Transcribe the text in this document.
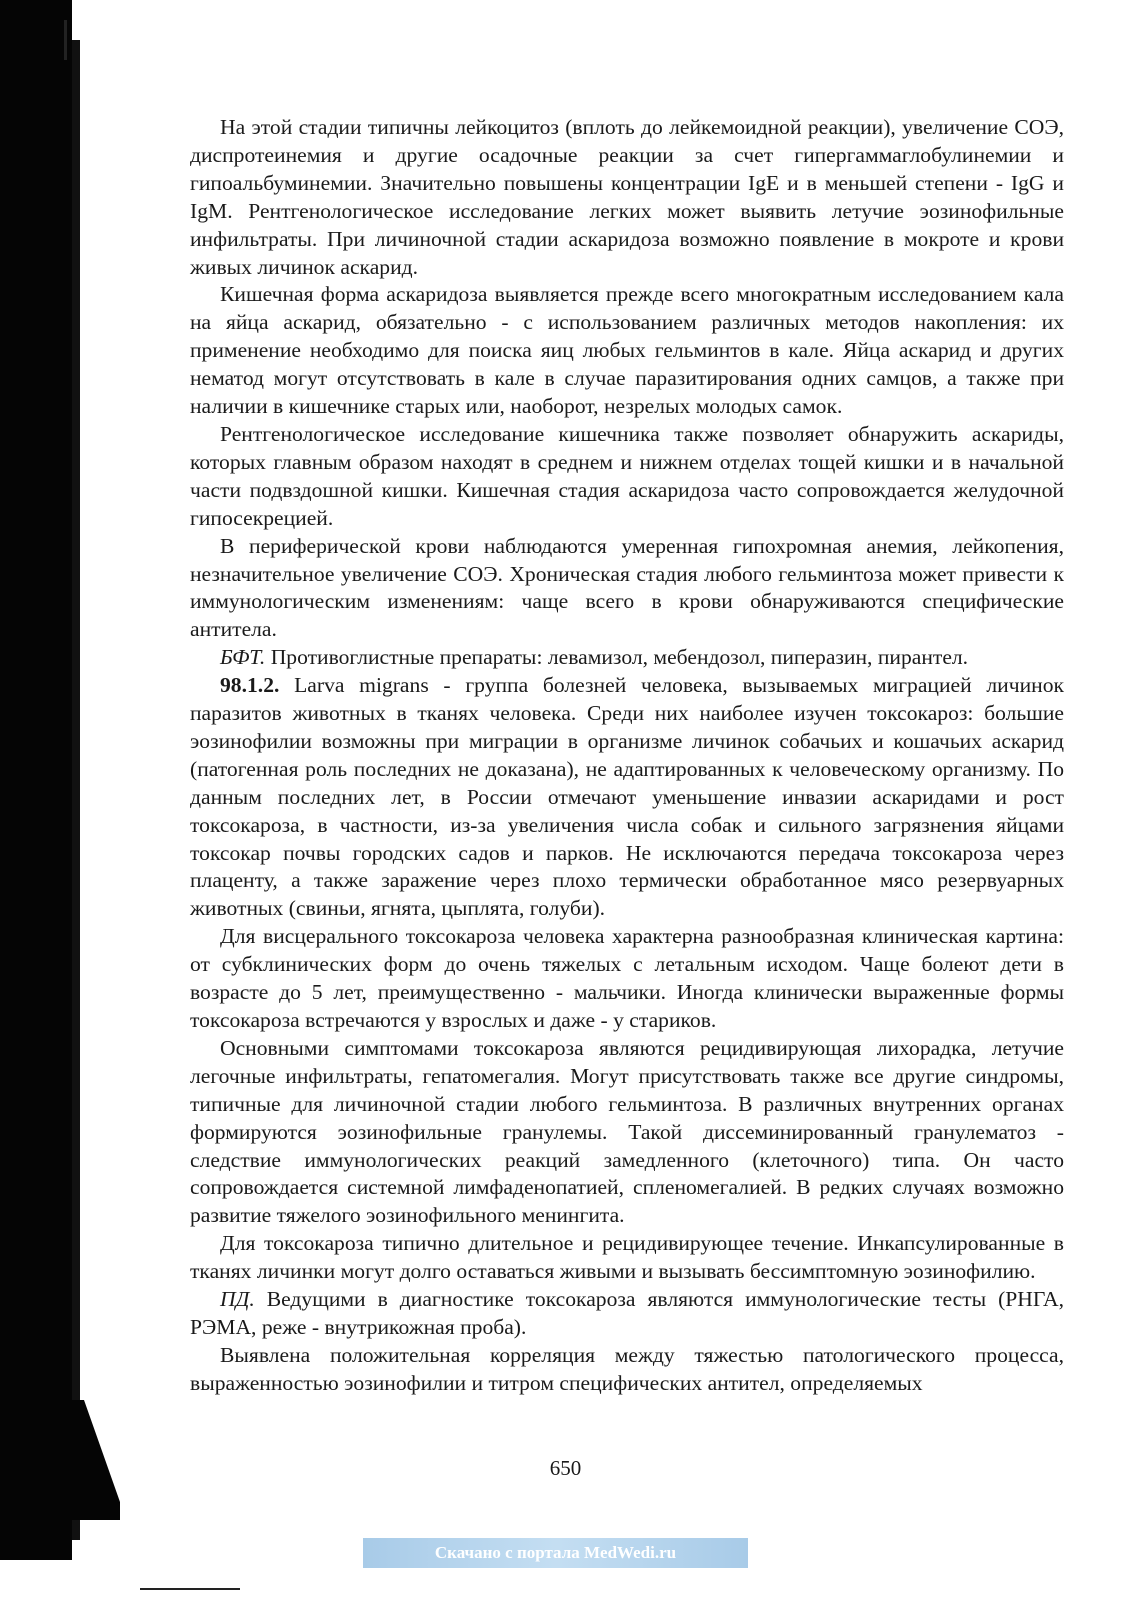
На этой стадии типичны лейкоцитоз (вплоть до лейкемоидной реакции), увеличение СОЭ, диспротеинемия и другие осадочные реакции за счет гипергаммаглобулинемии и гипоальбуминемии. Значительно повышены концентрации IgE и в меньшей степени - IgG и IgM. Рентгенологическое исследование легких может выявить летучие эозинофильные инфильтраты. При личиночной стадии аскаридоза возможно появление в мокроте и крови живых личинок аскарид.

Кишечная форма аскаридоза выявляется прежде всего многократным исследованием кала на яйца аскарид, обязательно - с использованием различных методов накопления: их применение необходимо для поиска яиц любых гельминтов в кале. Яйца аскарид и других нематод могут отсутствовать в кале в случае паразитирования одних самцов, а также при наличии в кишечнике старых или, наоборот, незрелых молодых самок.

Рентгенологическое исследование кишечника также позволяет обнаружить аскариды, которых главным образом находят в среднем и нижнем отделах тощей кишки и в начальной части подвздошной кишки. Кишечная стадия аскаридоза часто сопровождается желудочной гипосекрецией.

В периферической крови наблюдаются умеренная гипохромная анемия, лейкопения, незначительное увеличение СОЭ. Хроническая стадия любого гельминтоза может привести к иммунологическим изменениям: чаще всего в крови обнаруживаются специфические антитела.

БФТ. Противоглистные препараты: левамизол, мебендозол, пиперазин, пирантел.

98.1.2. Larva migrans - группа болезней человека, вызываемых миграцией личинок паразитов животных в тканях человека. Среди них наиболее изучен токсокароз: большие эозинофилии возможны при миграции в организме личинок собачьих и кошачьих аскарид (патогенная роль последних не доказана), не адаптированных к человеческому организму. По данным последних лет, в России отмечают уменьшение инвазии аскаридами и рост токсокароза, в частности, из-за увеличения числа собак и сильного загрязнения яйцами токсокар почвы городских садов и парков. Не исключаются передача токсокароза через плаценту, а также заражение через плохо термически обработанное мясо резервуарных животных (свиньи, ягнята, цыплята, голуби).

Для висцерального токсокароза человека характерна разнообразная клиническая картина: от субклинических форм до очень тяжелых с летальным исходом. Чаще болеют дети в возрасте до 5 лет, преимущественно - мальчики. Иногда клинически выраженные формы токсокароза встречаются у взрослых и даже - у стариков.

Основными симптомами токсокароза являются рецидивирующая лихорадка, летучие легочные инфильтраты, гепатомегалия. Могут присутствовать также все другие синдромы, типичные для личиночной стадии любого гельминтоза. В различных внутренних органах формируются эозинофильные гранулемы. Такой диссеминированный гранулематоз - следствие иммунологических реакций замедленного (клеточного) типа. Он часто сопровождается системной лимфаденопатией, спленомегалией. В редких случаях возможно развитие тяжелого эозинофильного менингита.

Для токсокароза типично длительное и рецидивирующее течение. Инкапсулированные в тканях личинки могут долго оставаться живыми и вызывать бессимптомную эозинофилию.

ПД. Ведущими в диагностике токсокароза являются иммунологические тесты (РНГА, РЭМА, реже - внутрикожная проба).

Выявлена положительная корреляция между тяжестью патологического процесса, выраженностью эозинофилии и титром специфических антител, определяемых

650
Скачано с портала MedWedi.ru
